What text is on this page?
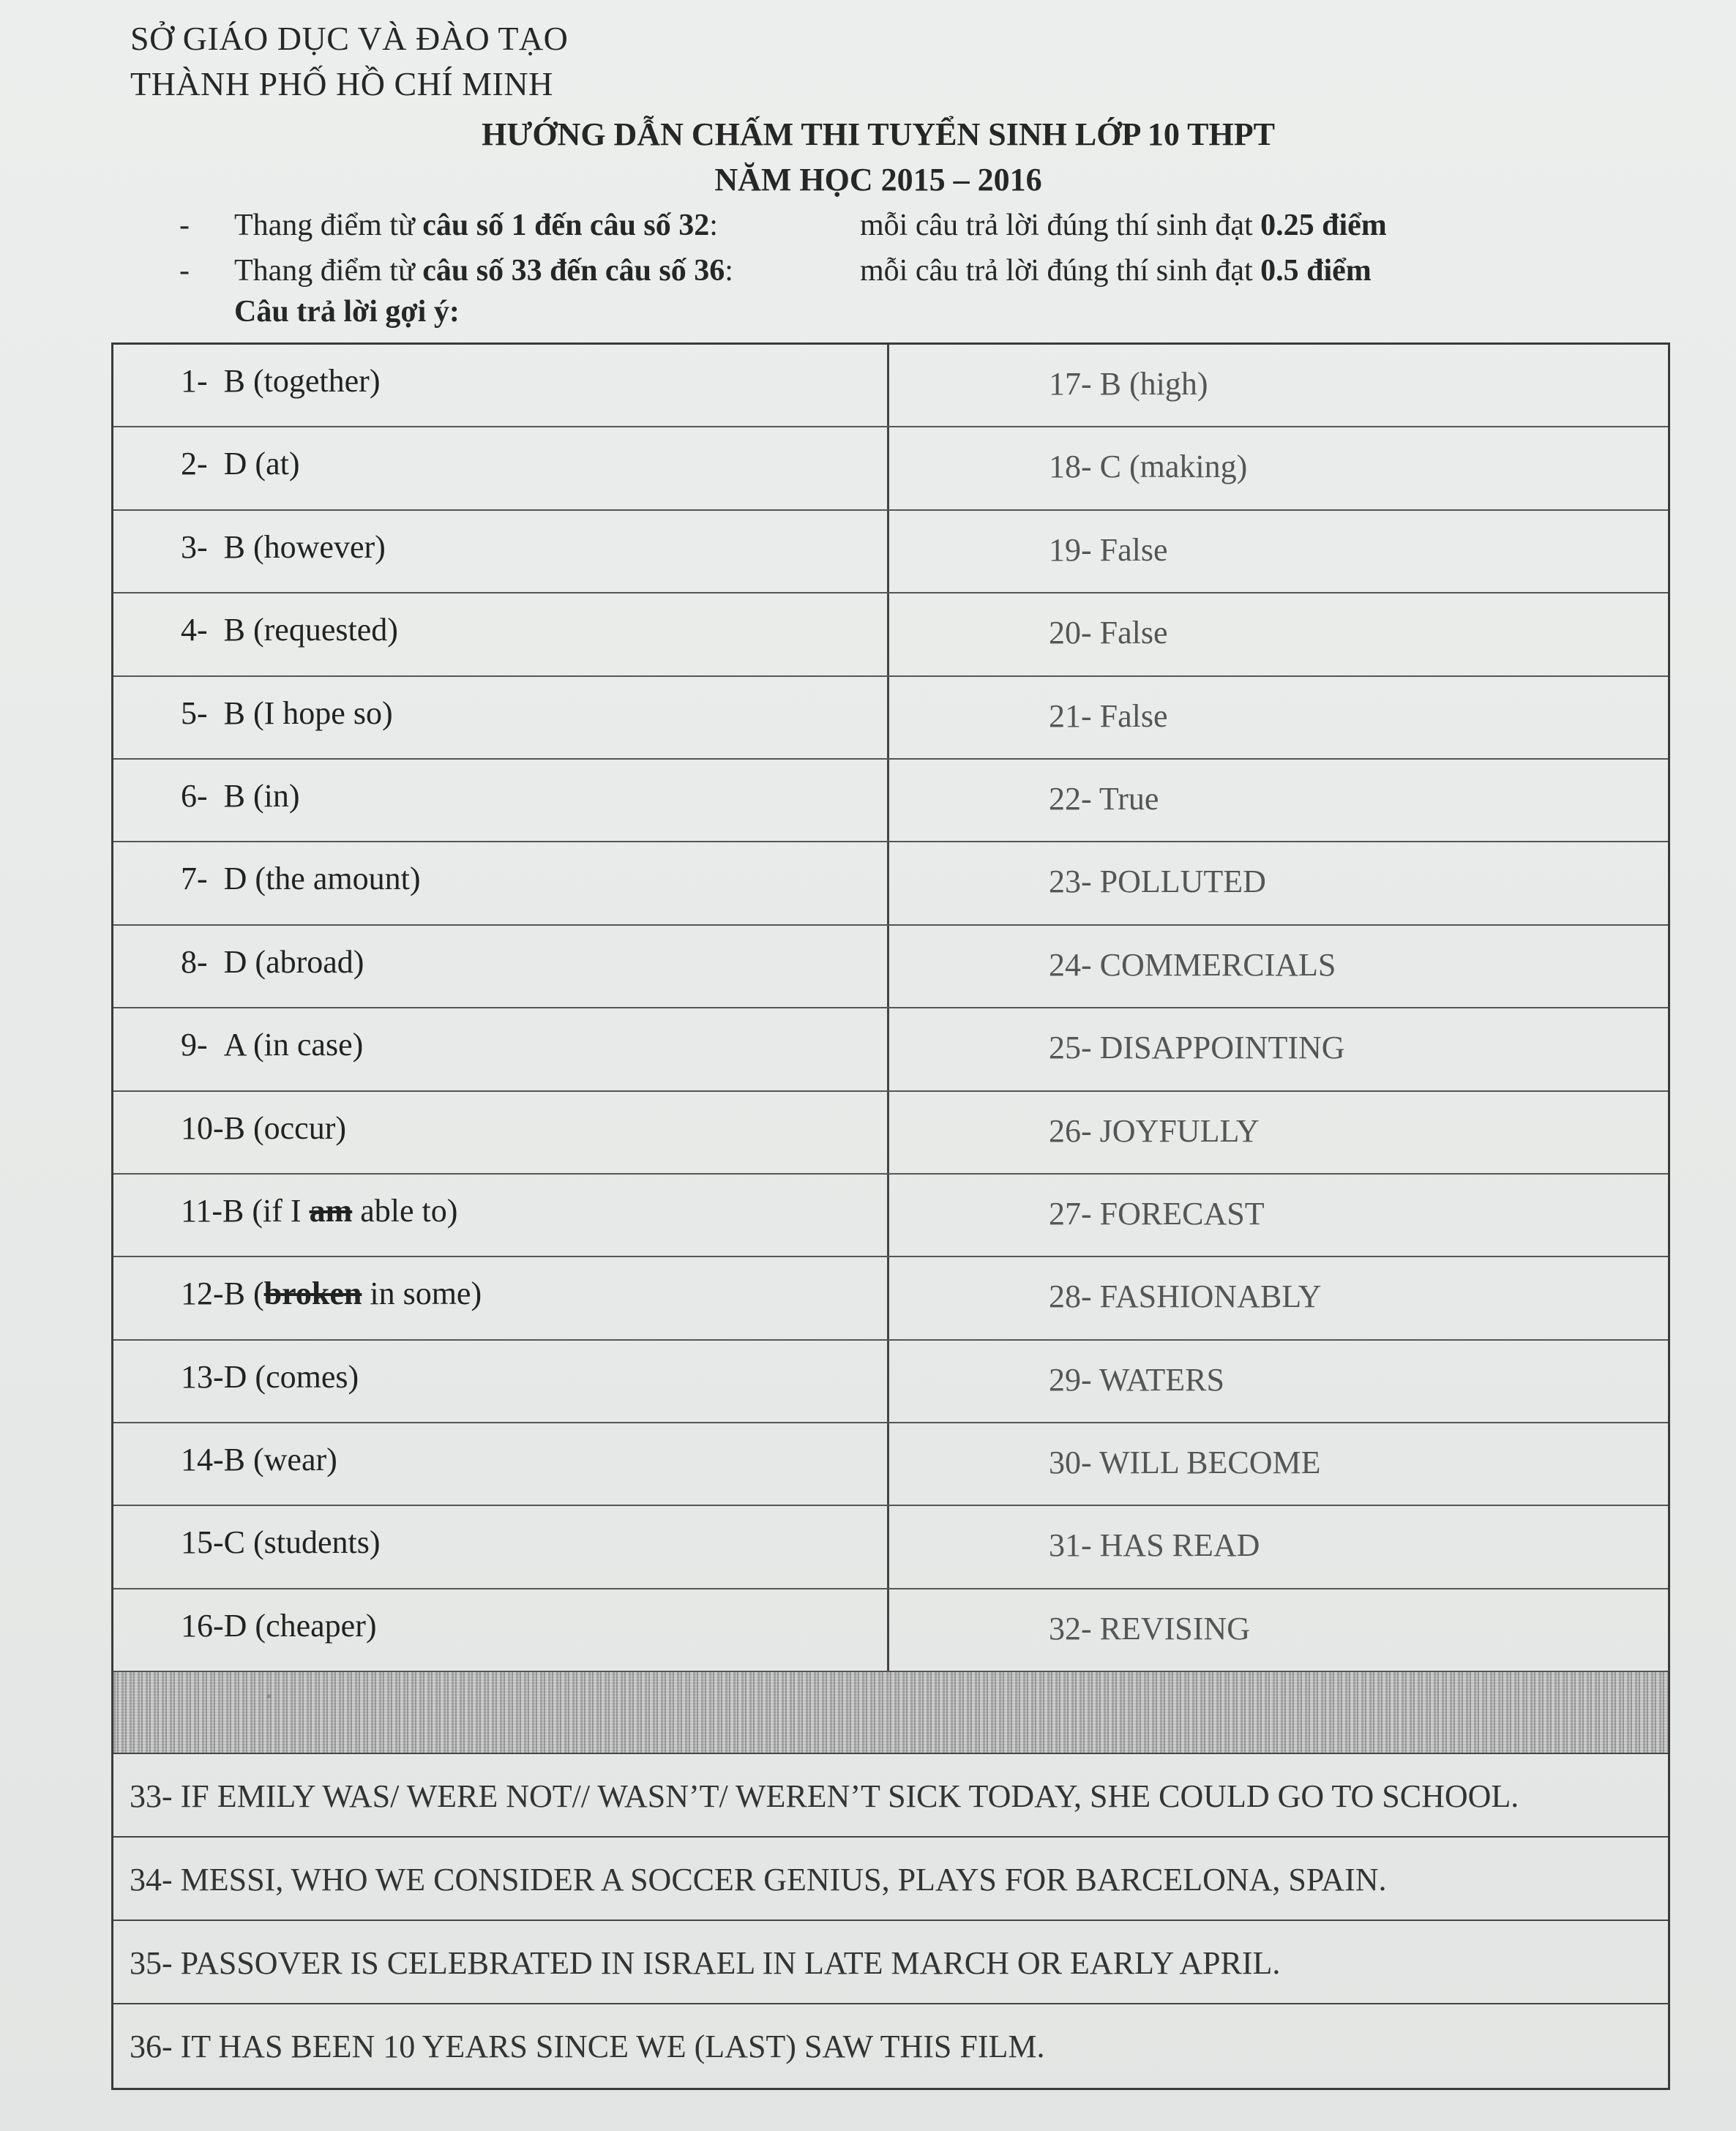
SỞ GIÁO DỤC VÀ ĐÀO TẠO
THÀNH PHỐ HỒ CHÍ MINH
HƯỚNG DẪN CHẤM THI TUYỂN SINH LỚP 10 THPT
NĂM HỌC 2015 – 2016
- Thang điểm từ câu số 1 đến câu số 32:	mỗi câu trả lời đúng thí sinh đạt 0.25 điểm
- Thang điểm từ câu số 33 đến câu số 36:	mỗi câu trả lời đúng thí sinh đạt 0.5 điểm
Câu trả lời gợi ý:
1- B (together)	17- B (high)
2- D (at)	18- C (making)
3- B (however)	19- False
4- B (requested)	20- False
5- B (I hope so)	21- False
6- B (in)	22- True
7- D (the amount)	23- POLLUTED
8- D (abroad)	24- COMMERCIALS
9- A (in case)	25- DISAPPOINTING
10-B (occur)	26- JOYFULLY
11-B (if I am able to)	27- FORECAST
12-B (broken in some)	28- FASHIONABLY
13-D (comes)	29- WATERS
14-B (wear)	30- WILL BECOME
15-C (students)	31- HAS READ
16-D (cheaper)	32- REVISING
33- IF EMILY WAS/ WERE NOT// WASN’T/ WEREN’T SICK TODAY, SHE COULD GO TO SCHOOL.
34- MESSI, WHO WE CONSIDER A SOCCER GENIUS, PLAYS FOR BARCELONA, SPAIN.
35- PASSOVER IS CELEBRATED IN ISRAEL IN LATE MARCH OR EARLY APRIL.
36- IT HAS BEEN 10 YEARS SINCE WE (LAST) SAW THIS FILM.
